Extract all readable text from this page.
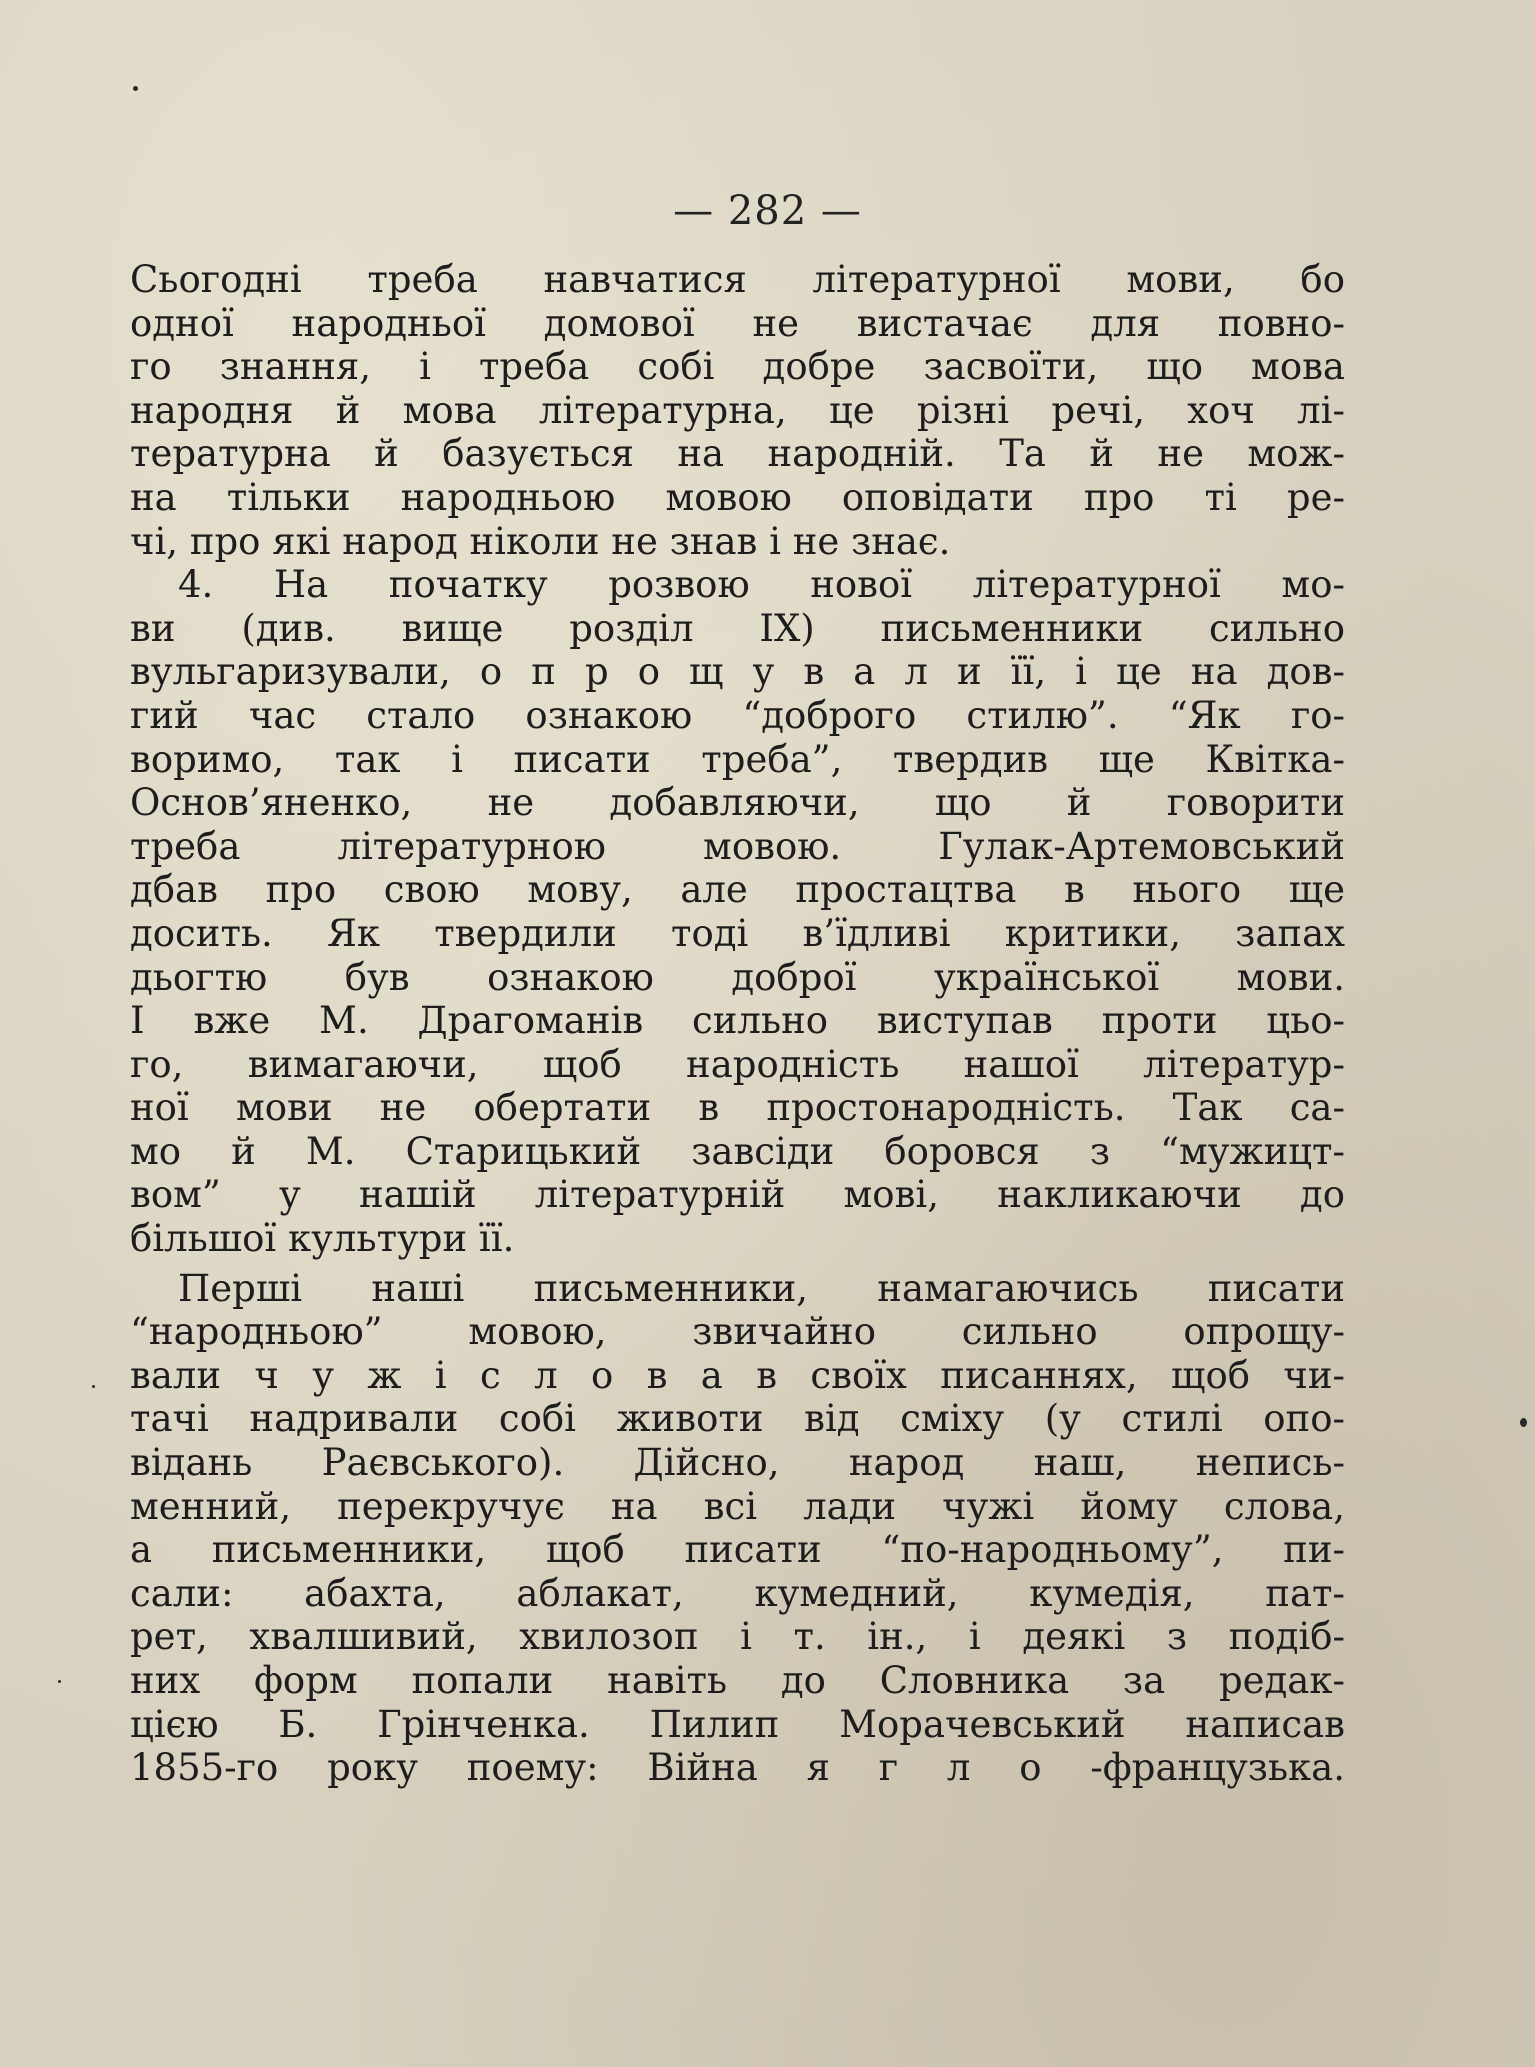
— 282 —
Сьогодні треба навчатися літературної мови, бо
одної народньої домової не вистачає для повно-
го знання, і треба собі добре засвоїти, що мова
народня й мова літературна, це різні речі, хоч лі-
тературна й базується на народній. Та й не мож-
на тільки народньою мовою оповідати про ті ре-
чі, про які народ ніколи не знав і не знає.
4. На початку розвою нової літературної мо-
ви (див. вище розділ IX) письменники сильно
вульгаризували, о п р о щ у в а л и її, і це на дов-
гий час стало ознакою “доброго стилю”. “Як го-
воримо, так і писати треба”, твердив ще Квітка-
Основ’яненко, не добавляючи, що й говорити
треба літературною мовою. Гулак-Артемовський
дбав про свою мову, але простацтва в нього ще
досить. Як твердили тоді в’їдливі критики, запах
дьогтю був ознакою доброї української мови.
І вже М. Драгоманів сильно виступав проти цьо-
го, вимагаючи, щоб народність нашої літератур-
ної мови не обертати в простонародність. Так са-
мо й М. Старицький завсіди боровся з “мужицт-
вом” у нашій літературній мові, накликаючи до
більшої культури її.
Перші наші письменники, намагаючись писати
“народньою” мовою, звичайно сильно опрощу-
вали ч у ж і с л о в а в своїх писаннях, щоб чи-
тачі надривали собі животи від сміху (у стилі опо-
відань Раєвського). Дійсно, народ наш, непись-
менний, перекручує на всі лади чужі йому слова,
а письменники, щоб писати “по-народньому”, пи-
сали: абахта, аблакат, кумедний, кумедія, пат-
рет, хвалшивий, хвилозоп і т. ін., і деякі з подіб-
них форм попали навіть до Словника за редак-
цією Б. Грінченка. Пилип Морачевський написав
1855-го року поему: Війна я г л о -французька.
